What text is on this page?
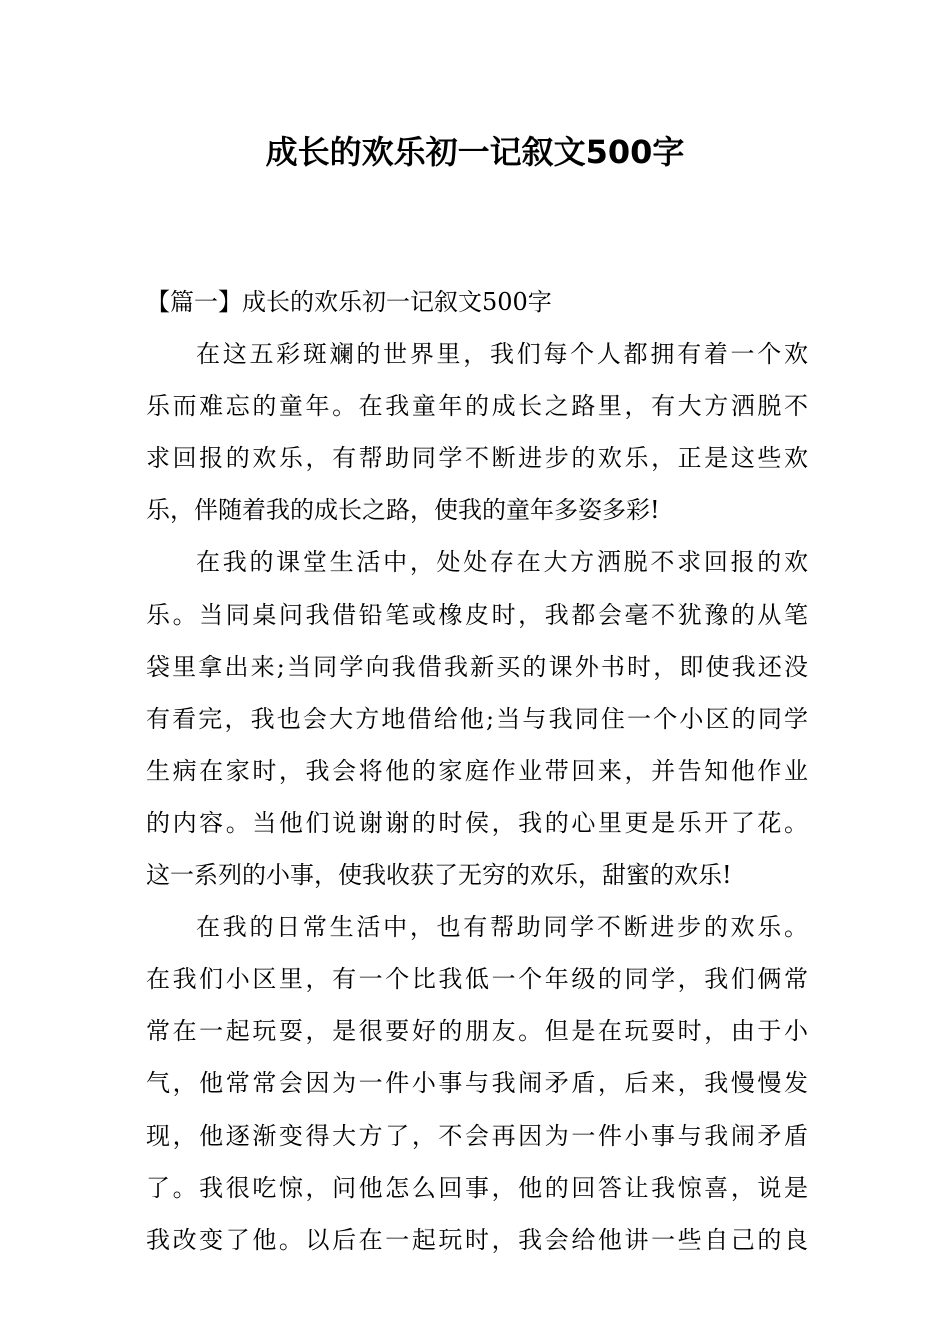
成长的欢乐初一记叙文500字
【篇一】成长的欢乐初一记叙文500字
在这五彩斑斓的世界里，我们每个人都拥有着一个欢
乐而难忘的童年。在我童年的成长之路里，有大方洒脱不
求回报的欢乐，有帮助同学不断进步的欢乐，正是这些欢
乐，伴随着我的成长之路，使我的童年多姿多彩!
在我的课堂生活中，处处存在大方洒脱不求回报的欢
乐。当同桌问我借铅笔或橡皮时，我都会毫不犹豫的从笔
袋里拿出来;当同学向我借我新买的课外书时，即使我还没
有看完，我也会大方地借给他;当与我同住一个小区的同学
生病在家时，我会将他的家庭作业带回来，并告知他作业
的内容。当他们说谢谢的时侯，我的心里更是乐开了花。
这一系列的小事，使我收获了无穷的欢乐，甜蜜的欢乐!
在我的日常生活中，也有帮助同学不断进步的欢乐。
在我们小区里，有一个比我低一个年级的同学，我们俩常
常在一起玩耍，是很要好的朋友。但是在玩耍时，由于小
气，他常常会因为一件小事与我闹矛盾，后来，我慢慢发
现，他逐渐变得大方了，不会再因为一件小事与我闹矛盾
了。我很吃惊，问他怎么回事，他的回答让我惊喜，说是
我改变了他。以后在一起玩时，我会给他讲一些自己的良
